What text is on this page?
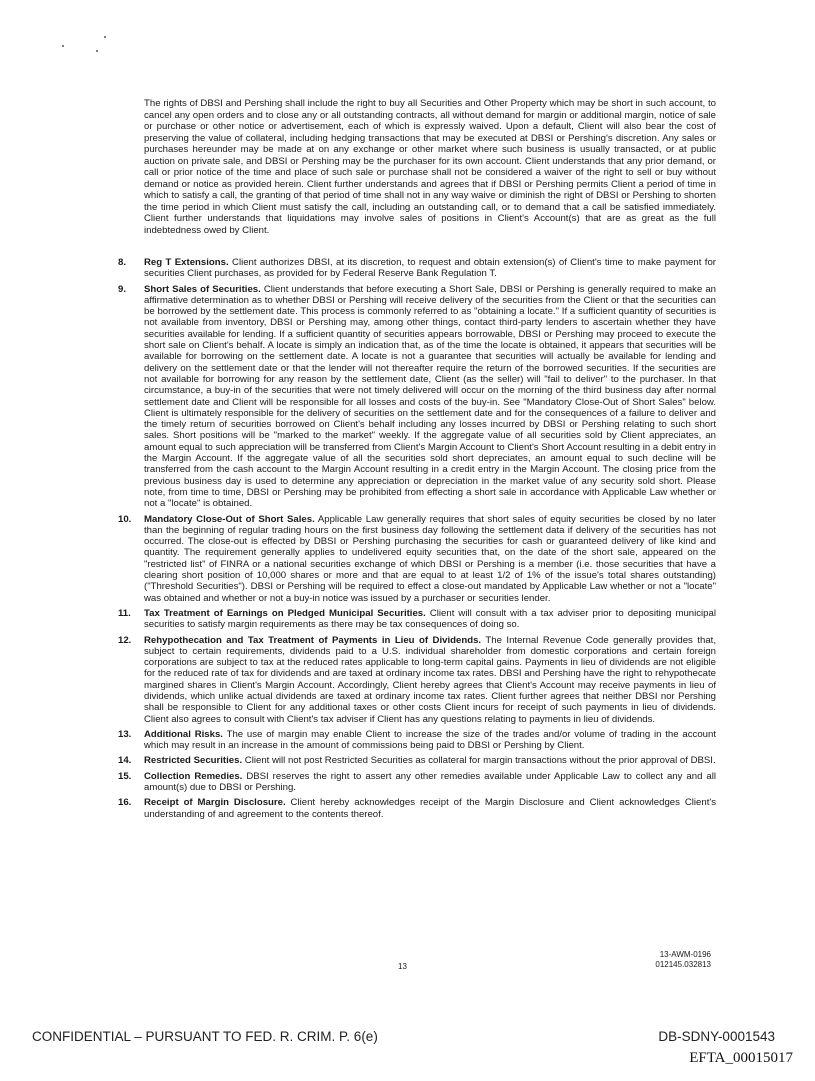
The rights of DBSI and Pershing shall include the right to buy all Securities and Other Property which may be short in such account, to cancel any open orders and to close any or all outstanding contracts, all without demand for margin or additional margin, notice of sale or purchase or other notice or advertisement, each of which is expressly waived. Upon a default, Client will also bear the cost of preserving the value of collateral, including hedging transactions that may be executed at DBSI or Pershing's discretion. Any sales or purchases hereunder may be made at on any exchange or other market where such business is usually transacted, or at public auction on private sale, and DBSI or Pershing may be the purchaser for its own account. Client understands that any prior demand, or call or prior notice of the time and place of such sale or purchase shall not be considered a waiver of the right to sell or buy without demand or notice as provided herein. Client further understands and agrees that if DBSI or Pershing permits Client a period of time in which to satisfy a call, the granting of that period of time shall not in any way waive or diminish the right of DBSI or Pershing to shorten the time period in which Client must satisfy the call, including an outstanding call, or to demand that a call be satisfied immediately. Client further understands that liquidations may involve sales of positions in Client's Account(s) that are as great as the full indebtedness owed by Client.

8. Reg T Extensions. Client authorizes DBSI, at its discretion, to request and obtain extension(s) of Client's time to make payment for securities Client purchases, as provided for by Federal Reserve Bank Regulation T.
9. Short Sales of Securities. Client understands that before executing a Short Sale, DBSI or Pershing is generally required to make an affirmative determination as to whether DBSI or Pershing will receive delivery of the securities from the Client or that the securities can be borrowed by the settlement date. This process is commonly referred to as "obtaining a locate." If a sufficient quantity of securities is not available from inventory, DBSI or Pershing may, among other things, contact third-party lenders to ascertain whether they have securities available for lending. If a sufficient quantity of securities appears borrowable, DBSI or Pershing may proceed to execute the short sale on Client's behalf. A locate is simply an indication that, as of the time the locate is obtained, it appears that securities will be available for borrowing on the settlement date. A locate is not a guarantee that securities will actually be available for lending and delivery on the settlement date or that the lender will not thereafter require the return of the borrowed securities. If the securities are not available for borrowing for any reason by the settlement date, Client (as the seller) will "fail to deliver" to the purchaser. In that circumstance, a buy-in of the securities that were not timely delivered will occur on the morning of the third business day after normal settlement date and Client will be responsible for all losses and costs of the buy-in. See "Mandatory Close-Out of Short Sales" below. Client is ultimately responsible for the delivery of securities on the settlement date and for the consequences of a failure to deliver and the timely return of securities borrowed on Client's behalf including any losses incurred by DBSI or Pershing relating to such short sales. Short positions will be "marked to the market" weekly. If the aggregate value of all securities sold by Client appreciates, an amount equal to such appreciation will be transferred from Client's Margin Account to Client's Short Account resulting in a debit entry in the Margin Account. If the aggregate value of all the securities sold short depreciates, an amount equal to such decline will be transferred from the cash account to the Margin Account resulting in a credit entry in the Margin Account. The closing price from the previous business day is used to determine any appreciation or depreciation in the market value of any security sold short. Please note, from time to time, DBSI or Pershing may be prohibited from effecting a short sale in accordance with Applicable Law whether or not a "locate" is obtained.
10. Mandatory Close-Out of Short Sales. Applicable Law generally requires that short sales of equity securities be closed by no later than the beginning of regular trading hours on the first business day following the settlement data if delivery of the securities has not occurred. The close-out is effected by DBSI or Pershing purchasing the securities for cash or guaranteed delivery of like kind and quantity. The requirement generally applies to undelivered equity securities that, on the date of the short sale, appeared on the "restricted list" of FINRA or a national securities exchange of which DBSI or Pershing is a member (i.e. those securities that have a clearing short position of 10,000 shares or more and that are equal to at least 1/2 of 1% of the issue's total shares outstanding) ("Threshold Securities"). DBSI or Pershing will be required to effect a close-out mandated by Applicable Law whether or not a "locate" was obtained and whether or not a buy-in notice was issued by a purchaser or securities lender.
11. Tax Treatment of Earnings on Pledged Municipal Securities. Client will consult with a tax adviser prior to depositing municipal securities to satisfy margin requirements as there may be tax consequences of doing so.
12. Rehypothecation and Tax Treatment of Payments in Lieu of Dividends. The Internal Revenue Code generally provides that, subject to certain requirements, dividends paid to a U.S. individual shareholder from domestic corporations and certain foreign corporations are subject to tax at the reduced rates applicable to long-term capital gains. Payments in lieu of dividends are not eligible for the reduced rate of tax for dividends and are taxed at ordinary income tax rates. DBSI and Pershing have the right to rehypothecate margined shares in Client's Margin Account. Accordingly, Client hereby agrees that Client's Account may receive payments in lieu of dividends, which unlike actual dividends are taxed at ordinary income tax rates. Client further agrees that neither DBSI nor Pershing shall be responsible to Client for any additional taxes or other costs Client incurs for receipt of such payments in lieu of dividends. Client also agrees to consult with Client's tax adviser if Client has any questions relating to payments in lieu of dividends.
13. Additional Risks. The use of margin may enable Client to increase the size of the trades and/or volume of trading in the account which may result in an increase in the amount of commissions being paid to DBSI or Pershing by Client.
14. Restricted Securities. Client will not post Restricted Securities as collateral for margin transactions without the prior approval of DBSI.
15. Collection Remedies. DBSI reserves the right to assert any other remedies available under Applicable Law to collect any and all amount(s) due to DBSI or Pershing.
16. Receipt of Margin Disclosure. Client hereby acknowledges receipt of the Margin Disclosure and Client acknowledges Client's understanding of and agreement to the contents thereof.
13
13-AWM-0196
012145.032813
CONFIDENTIAL – PURSUANT TO FED. R. CRIM. P. 6(e)	DB-SDNY-0001543
EFTA_00015017
